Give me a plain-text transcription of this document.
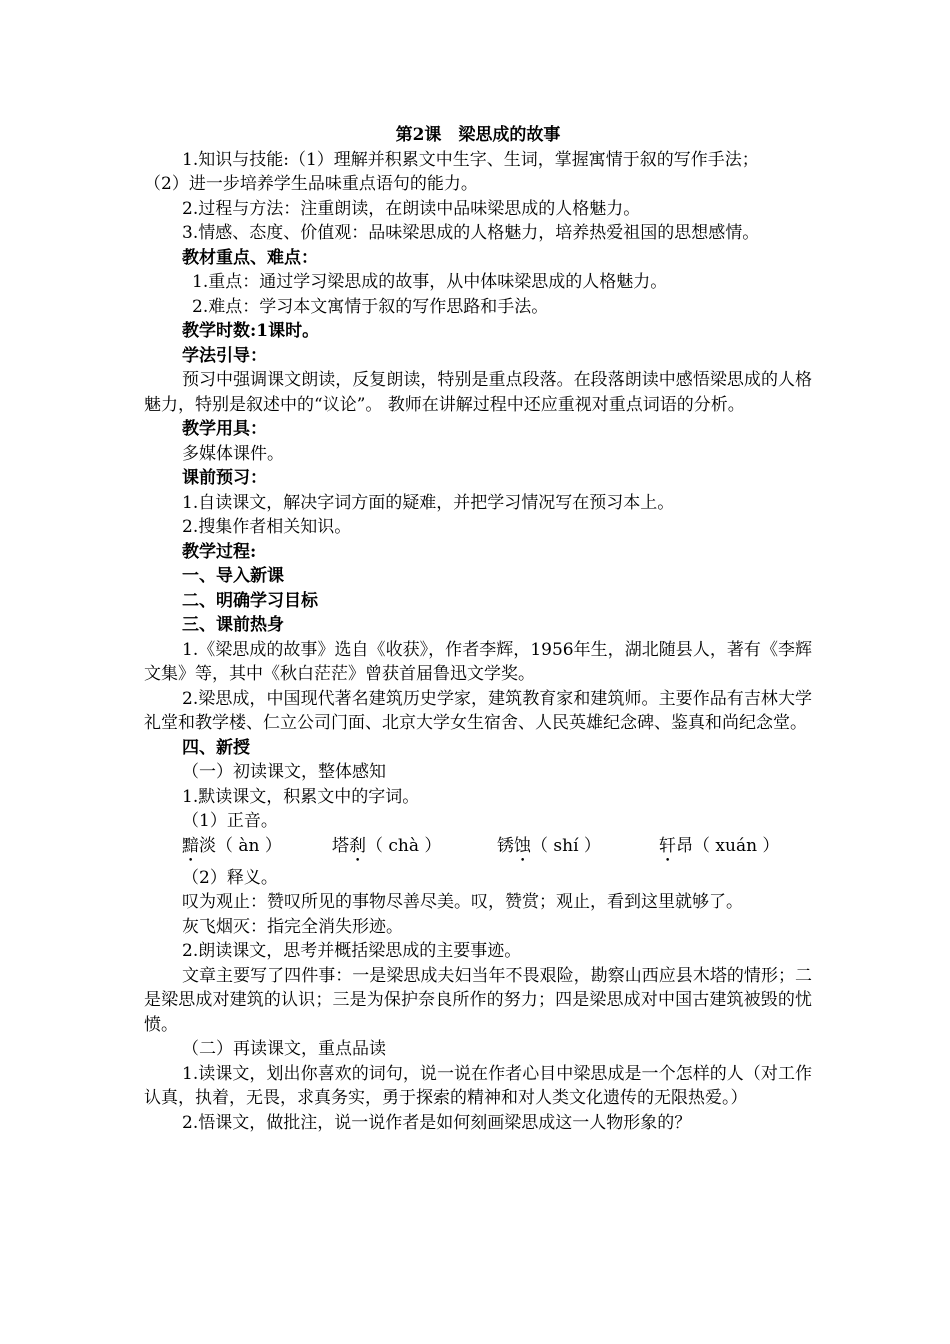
第2课　梁思成的故事
1.知识与技能:（1）理解并积累文中生字、生词，掌握寓情于叙的写作手法；
（2）进一步培养学生品味重点语句的能力。
2.过程与方法：注重朗读，在朗读中品味梁思成的人格魅力。
3.情感、态度、价值观：品味梁思成的人格魅力，培养热爱祖国的思想感情。
教材重点、难点：
1.重点：通过学习梁思成的故事，从中体味梁思成的人格魅力。
2.难点：学习本文寓情于叙的写作思路和手法。
教学时数:1课时。
学法引导：
预习中强调课文朗读，反复朗读，特别是重点段落。在段落朗读中感悟梁思成的人格魅力，特别是叙述中的“议论”。 教师在讲解过程中还应重视对重点词语的分析。
教学用具：
多媒体课件。
课前预习：
1.自读课文，解决字词方面的疑难，并把学习情况写在预习本上。
2.搜集作者相关知识。
教学过程:
一、导入新课
二、明确学习目标
三、课前热身
1.《梁思成的故事》选自《收获》，作者李辉，1956年生，湖北随县人，著有《李辉文集》等，其中《秋白茫茫》曾获首届鲁迅文学奖。
2.梁思成，中国现代著名建筑历史学家，建筑教育家和建筑师。主要作品有吉林大学礼堂和教学楼、仁立公司门面、北京大学女生宿舍、人民英雄纪念碑、鉴真和尚纪念堂。
四、新授
（一）初读课文，整体感知
1.默读课文，积累文中的字词。
（1）正音。
黯淡（ àn ）	塔刹（ chà ）	锈蚀（ shí ）	轩昂（ xuán ）
（2）释义。
叹为观止：赞叹所见的事物尽善尽美。叹，赞赏；观止，看到这里就够了。
灰飞烟灭：指完全消失形迹。
2.朗读课文，思考并概括梁思成的主要事迹。
文章主要写了四件事：一是梁思成夫妇当年不畏艰险，勘察山西应县木塔的情形；二是梁思成对建筑的认识；三是为保护奈良所作的努力；四是梁思成对中国古建筑被毁的忧愤。
（二）再读课文，重点品读
1.读课文，划出你喜欢的词句，说一说在作者心目中梁思成是一个怎样的人（对工作认真，执着，无畏，求真务实，勇于探索的精神和对人类文化遗传的无限热爱。）
2.悟课文，做批注，说一说作者是如何刻画梁思成这一人物形象的？
